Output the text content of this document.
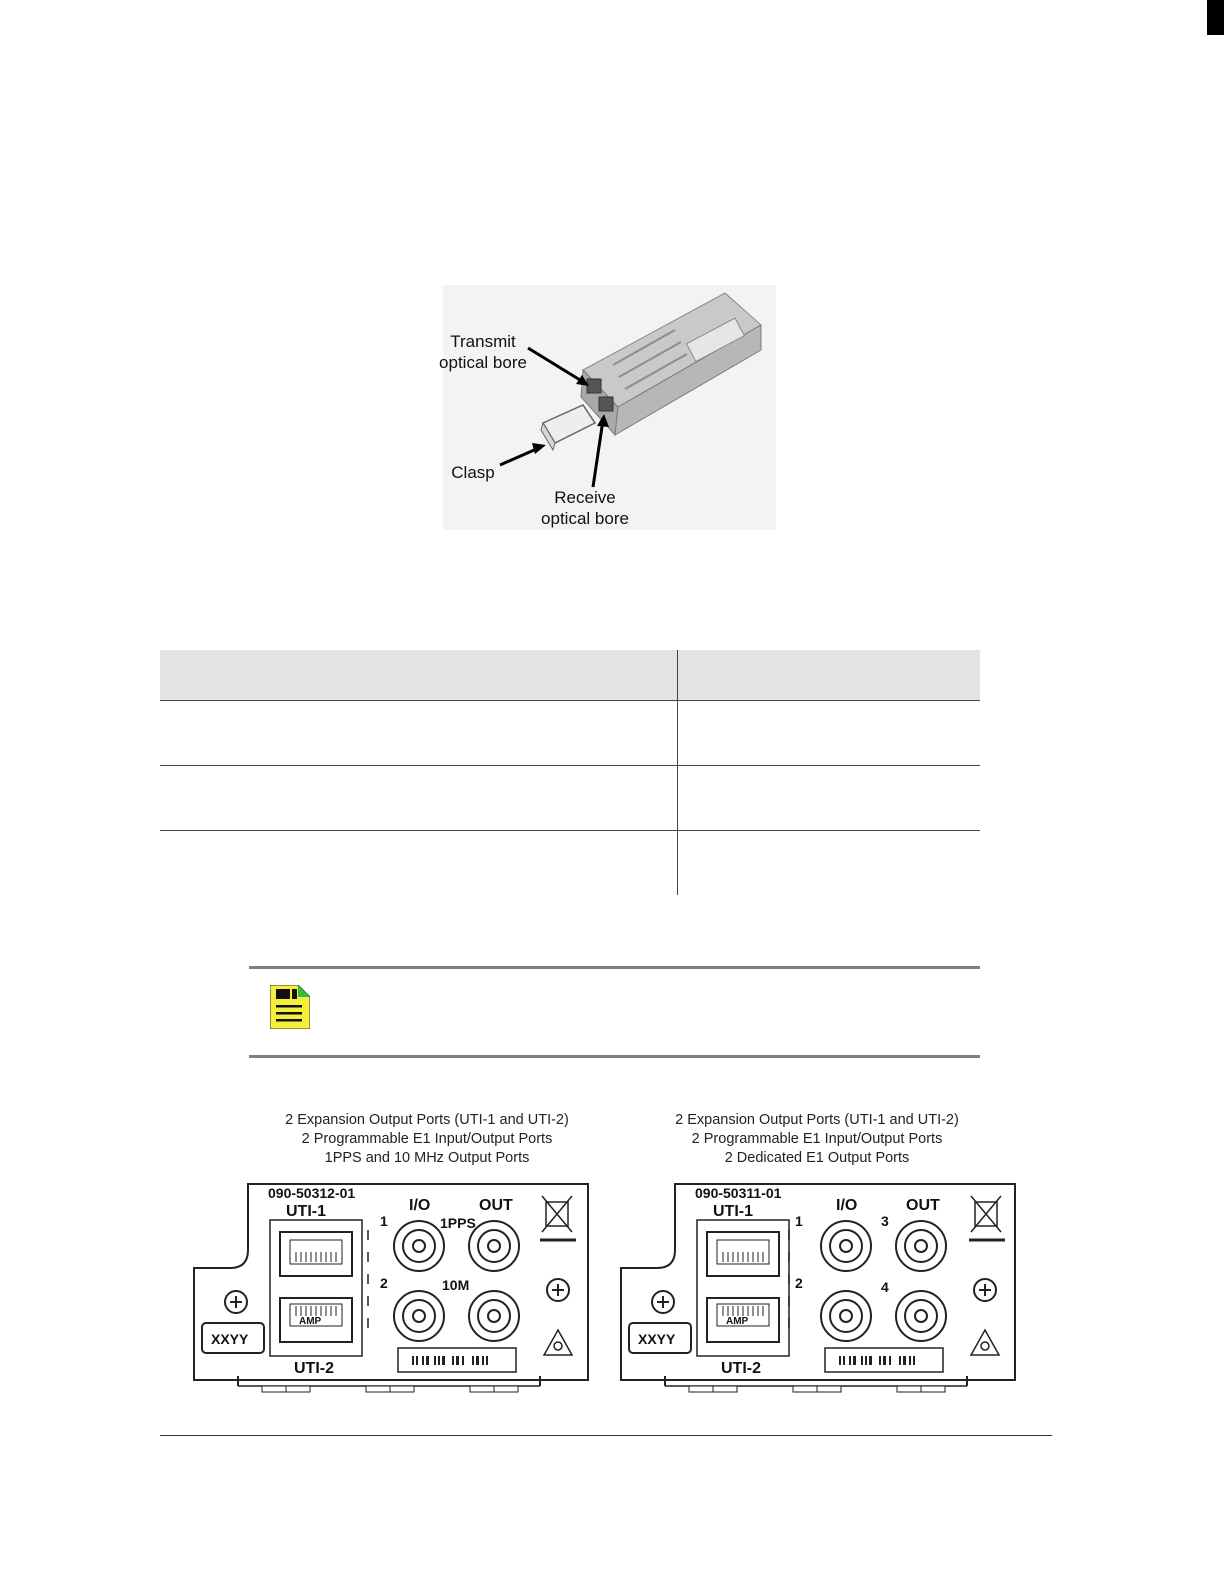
Transmit
optical bore
Clasp
Receive
optical bore

2 Expansion Output Ports (UTI-1 and UTI-2)
2 Programmable E1 Input/Output Ports
1PPS and 10 MHz Output Ports
090-50312-01
UTI-1
UTI-2
I/O	OUT
1
2
1PPS
10M
XXYY
AMP
2 Expansion Output Ports (UTI-1 and UTI-2)
2 Programmable E1 Input/Output Ports
2 Dedicated E1 Output Ports
090-50311-01
UTI-1
UTI-2
I/O	OUT
1
2
3
4
XXYY
AMP
